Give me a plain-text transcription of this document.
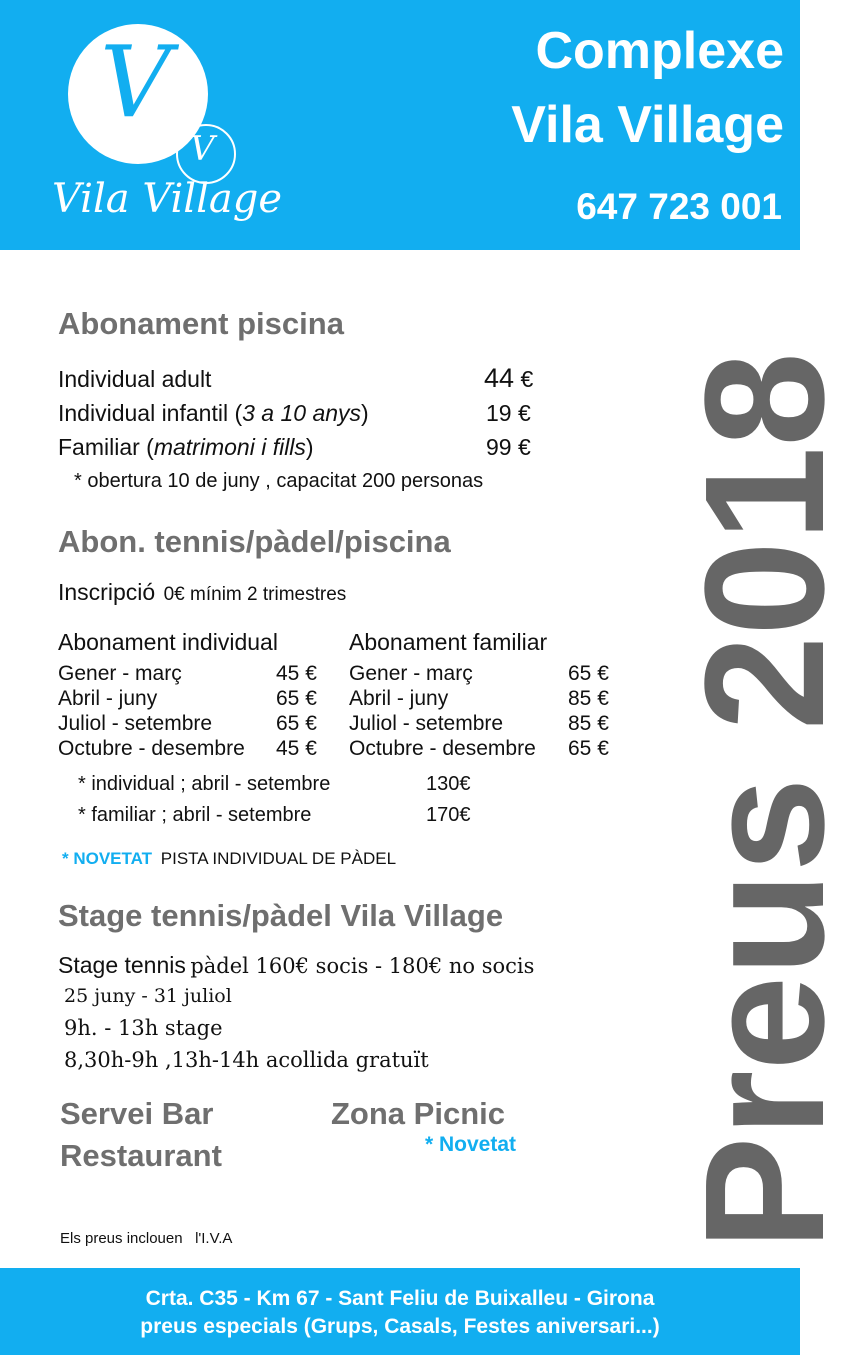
V
V
Vila Village
Complexe
Vila Village
647 723 001
Preus 2018
Abonament piscina
Individual adult	44 €
Individual infantil (3 a 10 anys)	19 €
Familiar (matrimoni i fills)	99 €
* obertura 10 de juny , capacitat 200 personas
Abon. tennis/pàdel/piscina
Inscripció 0€ mínim 2 trimestres
Abonament individual
Gener - març	45 €
Abril - juny	65 €
Juliol - setembre	65 €
Octubre - desembre 45 €
Abonament familiar
Gener - març	65 €
Abril - juny	85 €
Juliol - setembre	85 €
Octubre - desembre 65 €
* individual ; abril - setembre	130€
* familiar ; abril - setembre	170€
* NOVETAT PISTA INDIVIDUAL DE PÀDEL
Stage tennis/pàdel Vila Village
Stage tennis pàdel 160€ socis - 180€ no socis
25 juny - 31 juliol
9h. - 13h stage
8,30h-9h ,13h-14h acollida gratuït
Servei Bar
Restaurant
Zona Picnic
* Novetat
Els preus inclouen   l'I.V.A
Crta. C35 - Km 67 - Sant Feliu de Buixalleu - Girona
preus especials (Grups, Casals, Festes aniversari...)
